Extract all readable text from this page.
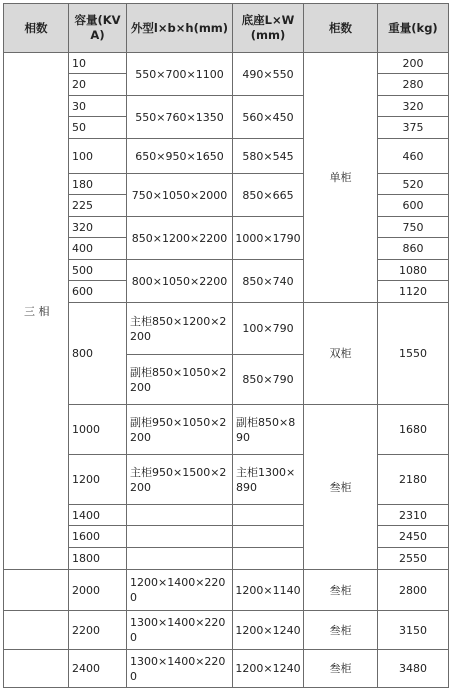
相数	容量(KVA)	外型l×b×h(mm)	底座L×W(mm)	柜数	重量(kg)
三 相	10	550×700×1100	490×550	单柜	200
	20				280
	30	550×760×1350	560×450		320
	50				375
	100	650×950×1650	580×545		460
	180	750×1050×2000	850×665		520
	225				600
	320	850×1200×2200	1000×1790		750
	400				860
	500	800×1050×2200	850×740		1080
	600				1120
	800	主柜850×1200×2200	100×790	双柜	1550
		副柜850×1050×2200	850×790		
	1000	副柜950×1050×2200	副柜850×890	叁柜	1680
	1200	主柜950×1500×2200	主柜1300×890		2180
	1400				2310
	1600				2450
	1800				2550
	2000	1200×1400×2200	1200×1140	叁柜	2800
	2200	1300×1400×2200	1200×1240	叁柜	3150
	2400	1300×1400×2200	1200×1240	叁柜	3480
